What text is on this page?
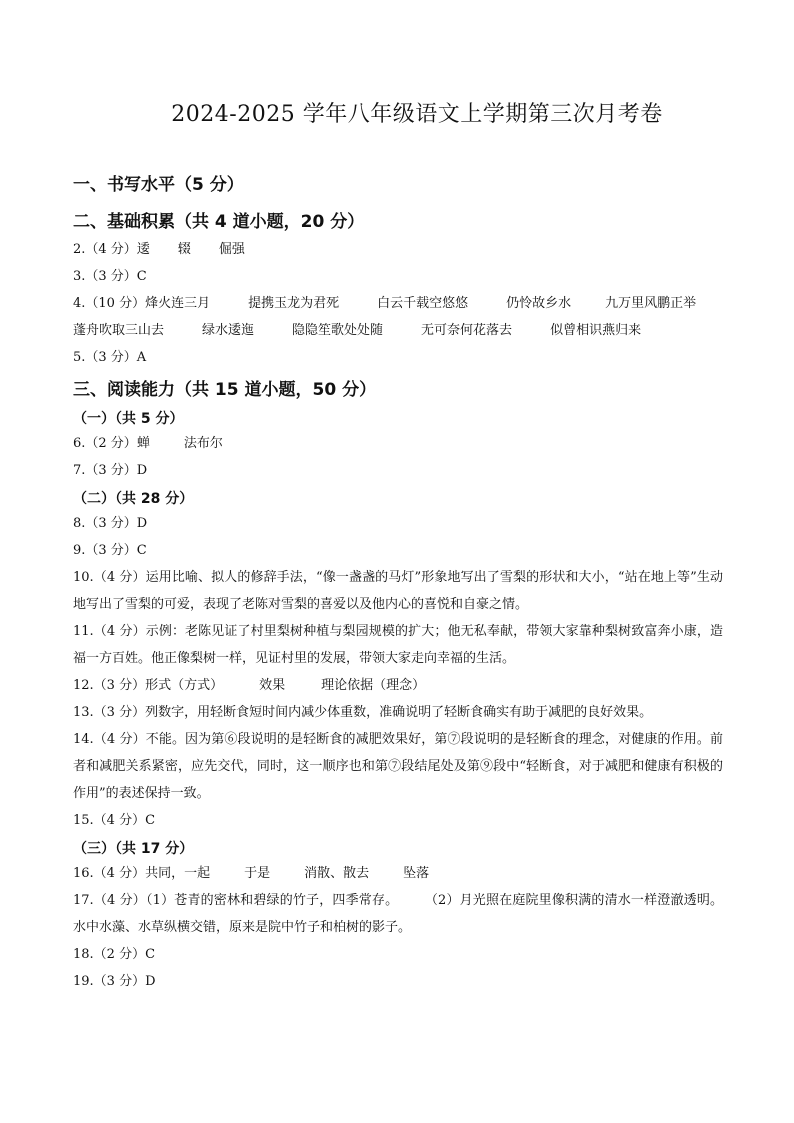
2024-2025 学年八年级语文上学期第三次月考卷
一、书写水平（5 分）
二、基础积累（共 4 道小题，20 分）
2.（4 分）逶 辍 倔强
3.（3 分）C
4.（10 分）烽火连三月	提携玉龙为君死	白云千载空悠悠	仍怜故乡水	九万里风鹏正举
蓬舟吹取三山去	绿水逶迤	隐隐笙歌处处随	无可奈何花落去	似曾相识燕归来
5.（3 分）A
三、阅读能力（共 15 道小题，50 分）
（一）（共 5 分）
6.（2 分）蝉	法布尔
7.（3 分）D
（二）（共 28 分）
8.（3 分）D
9.（3 分）C
10.（4 分）运用比喻、拟人的修辞手法，“像一盏盏的马灯”形象地写出了雪梨的形状和大小，“站在地上等”生动地写出了雪梨的可爱，表现了老陈对雪梨的喜爱以及他内心的喜悦和自豪之情。
11.（4 分）示例：老陈见证了村里梨树种植与梨园规模的扩大；他无私奉献，带领大家靠种梨树致富奔小康，造福一方百姓。他正像梨树一样，见证村里的发展，带领大家走向幸福的生活。
12.（3 分）形式（方式）	效果	理论依据（理念）
13.（3 分）列数字，用轻断食短时间内减少体重数，准确说明了轻断食确实有助于减肥的良好效果。
14.（4 分）不能。因为第⑥段说明的是轻断食的减肥效果好，第⑦段说明的是轻断食的理念，对健康的作用。前者和减肥关系紧密，应先交代，同时，这一顺序也和第⑦段结尾处及第⑨段中“轻断食，对于减肥和健康有积极的作用”的表述保持一致。
15.（4 分）C
（三）（共 17 分）
16.（4 分）共同，一起	于是	消散、散去	坠落
17.（4 分）（1）苍青的密林和碧绿的竹子，四季常存。　　　（2）月光照在庭院里像积满的清水一样澄澈透明。水中水藻、水草纵横交错，原来是院中竹子和柏树的影子。
18.（2 分）C
19.（3 分）D
